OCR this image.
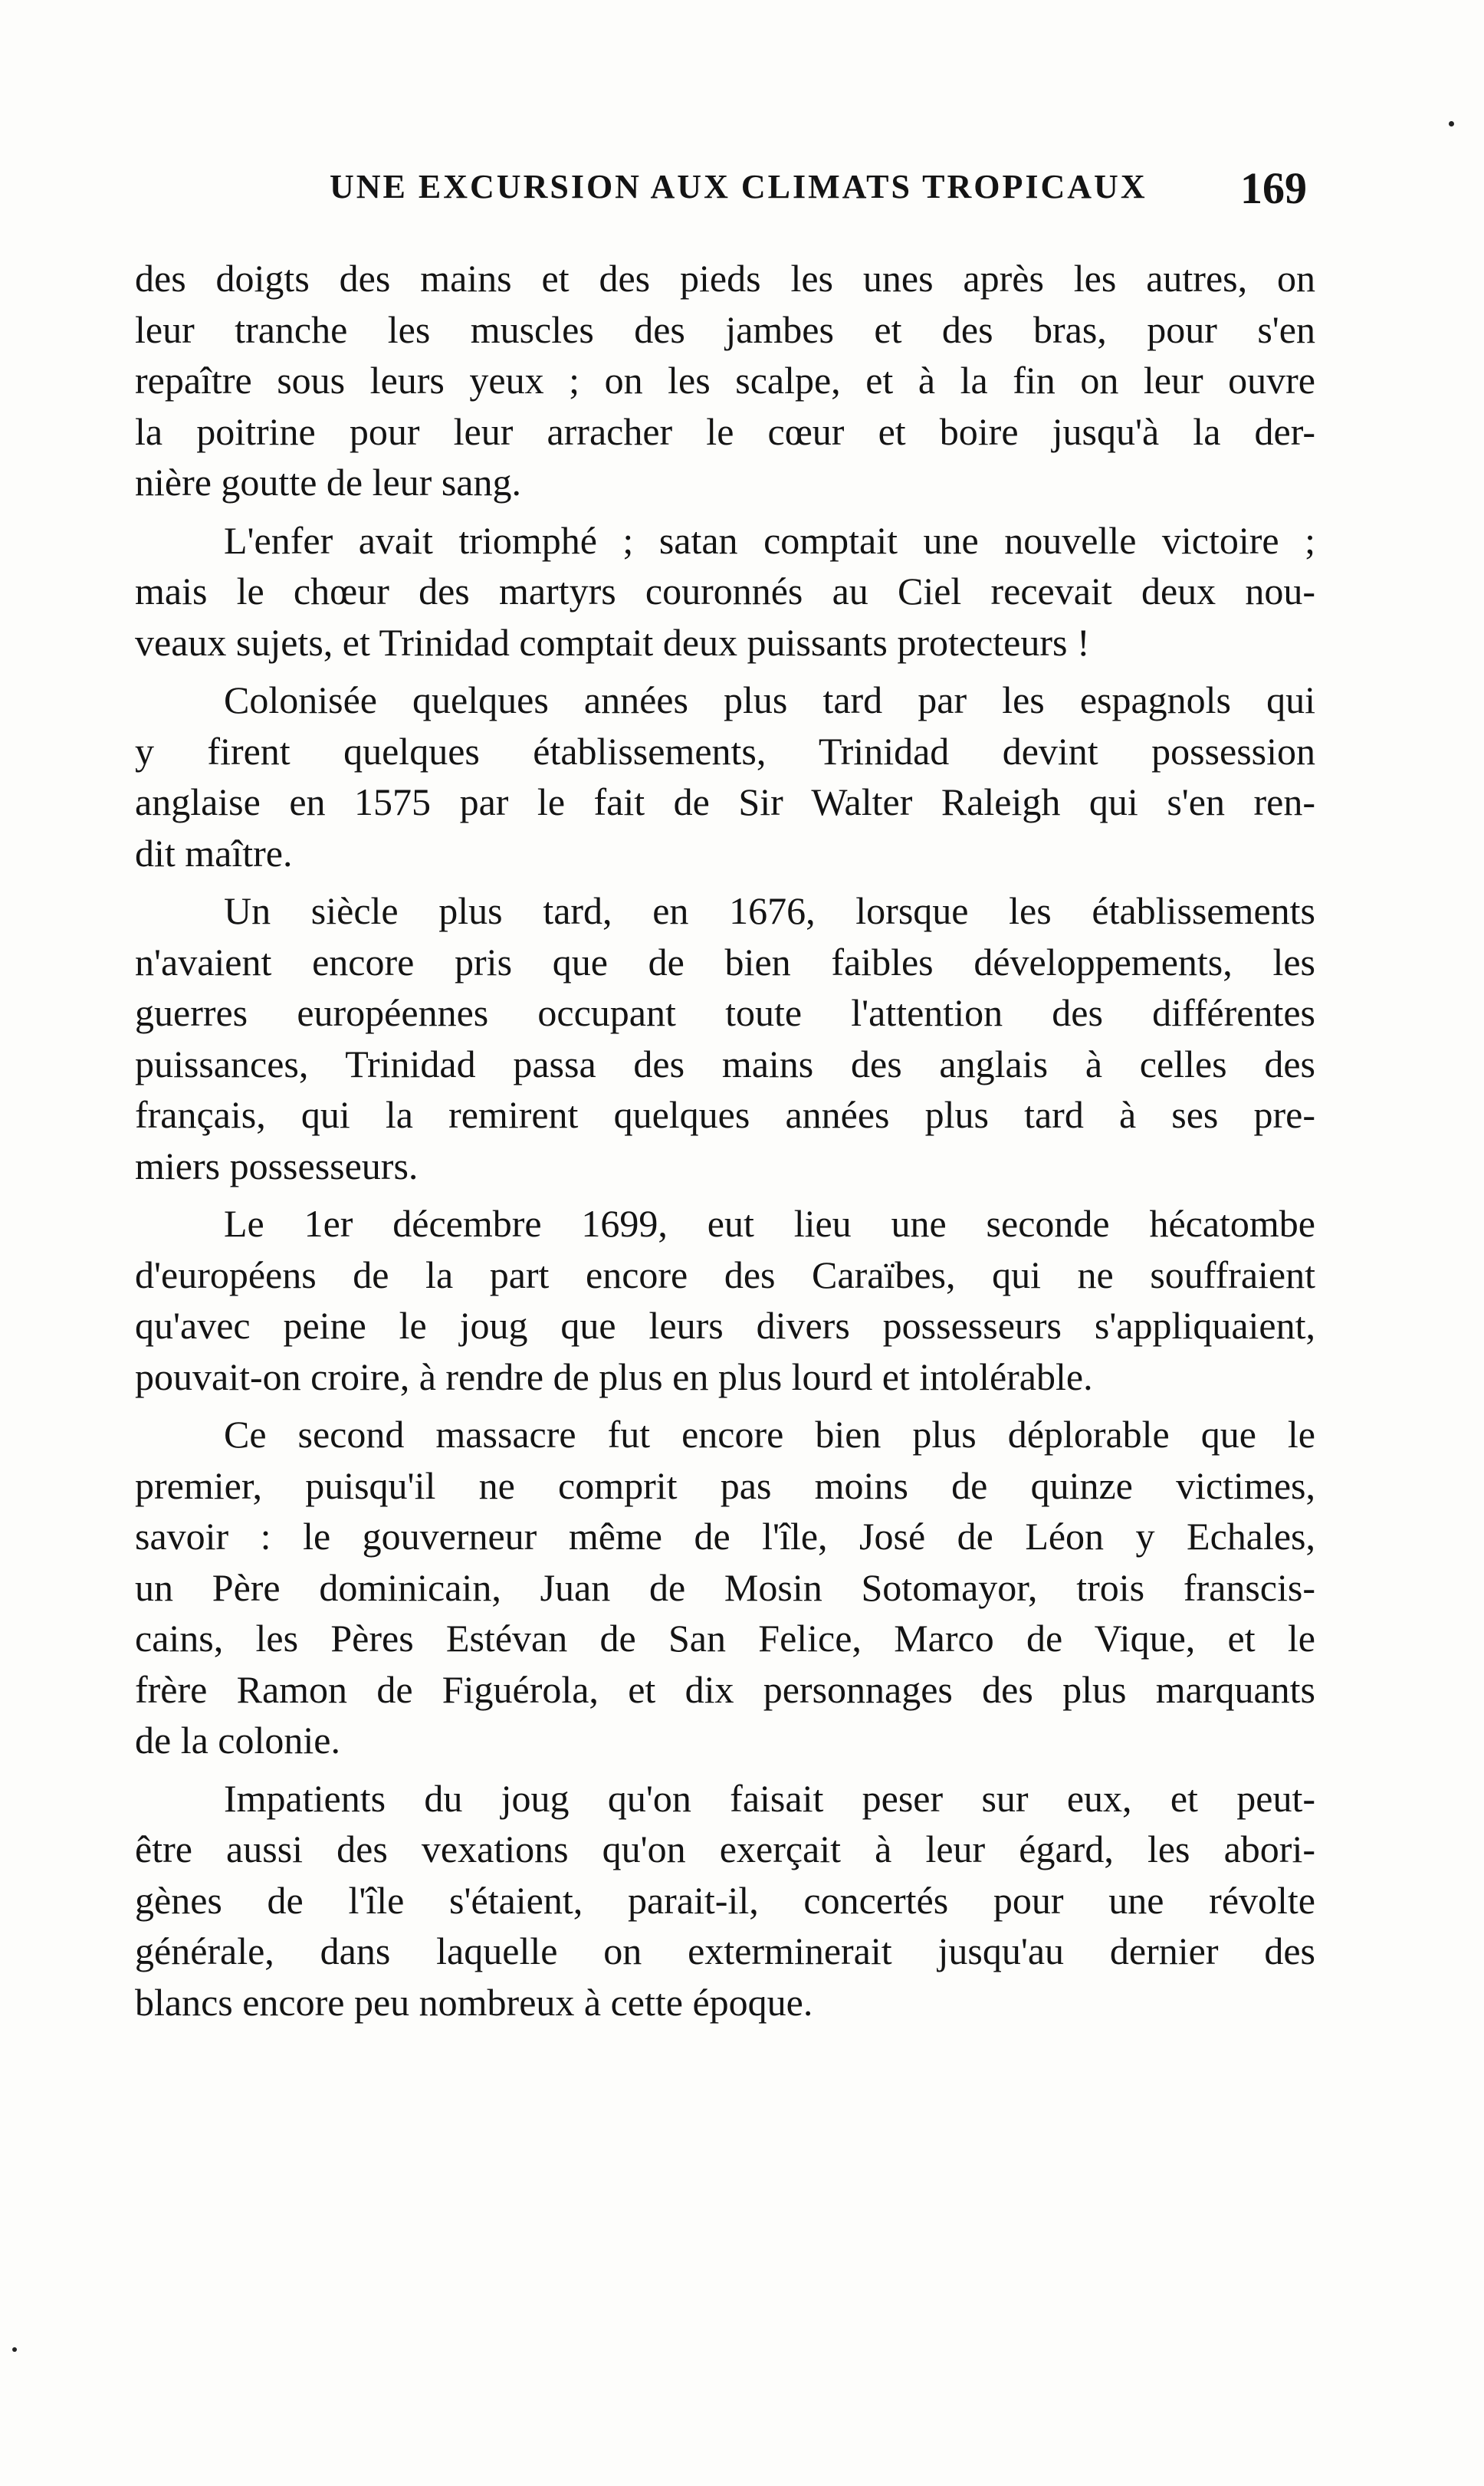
UNE EXCURSION AUX CLIMATS TROPICAUX 169
des doigts des mains et des pieds les unes après les autres, on
leur tranche les muscles des jambes et des bras, pour s'en
repaître sous leurs yeux ; on les scalpe, et à la fin on leur ouvre
la poitrine pour leur arracher le cœur et boire jusqu'à la der-
nière goutte de leur sang.
L'enfer avait triomphé ; satan comptait une nouvelle victoire ;
mais le chœur des martyrs couronnés au Ciel recevait deux nou-
veaux sujets, et Trinidad comptait deux puissants protecteurs !
Colonisée quelques années plus tard par les espagnols qui
y firent quelques établissements, Trinidad devint possession
anglaise en 1575 par le fait de Sir Walter Raleigh qui s'en ren-
dit maître.
Un siècle plus tard, en 1676, lorsque les établissements
n'avaient encore pris que de bien faibles développements, les
guerres européennes occupant toute l'attention des différentes
puissances, Trinidad passa des mains des anglais à celles des
français, qui la remirent quelques années plus tard à ses pre-
miers possesseurs.
Le 1er décembre 1699, eut lieu une seconde hécatombe
d'européens de la part encore des Caraïbes, qui ne souffraient
qu'avec peine le joug que leurs divers possesseurs s'appliquaient,
pouvait-on croire, à rendre de plus en plus lourd et intolérable.
Ce second massacre fut encore bien plus déplorable que le
premier, puisqu'il ne comprit pas moins de quinze victimes,
savoir : le gouverneur même de l'île, José de Léon y Echales,
un Père dominicain, Juan de Mosin Sotomayor, trois franscis-
cains, les Pères Estévan de San Felice, Marco de Vique, et le
frère Ramon de Figuérola, et dix personnages des plus marquants
de la colonie.
Impatients du joug qu'on faisait peser sur eux, et peut-
être aussi des vexations qu'on exerçait à leur égard, les abori-
gènes de l'île s'étaient, parait-il, concertés pour une révolte
générale, dans laquelle on exterminerait jusqu'au dernier des
blancs encore peu nombreux à cette époque.
